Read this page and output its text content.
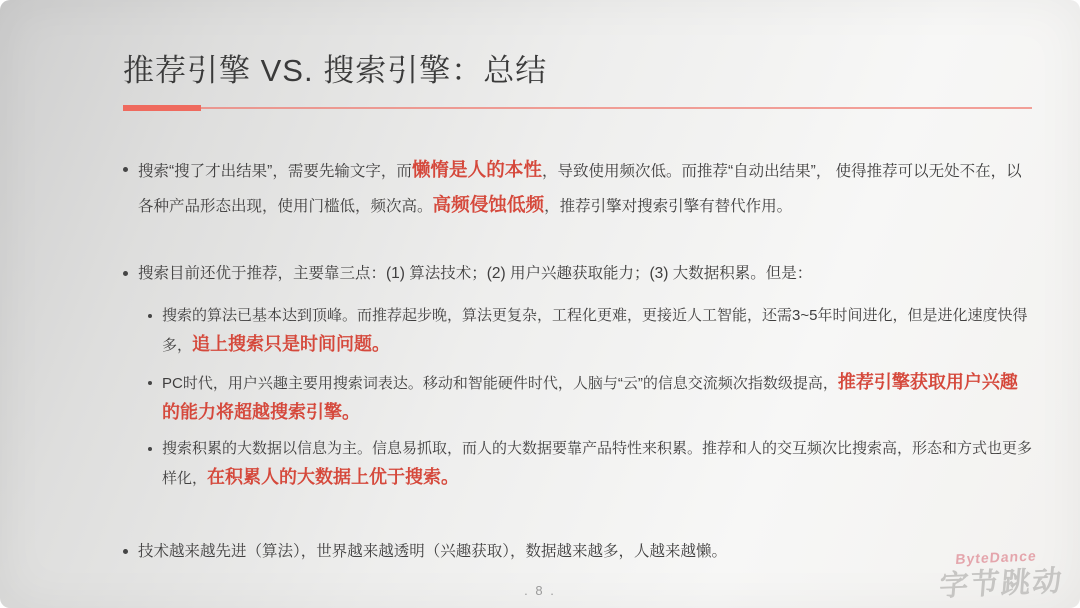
推荐引擎 VS. 搜索引擎：总结
搜索“搜了才出结果”，需要先输文字，而懒惰是人的本性，导致使用频次低。而推荐“自动出结果”， 使得推荐可以无处不在，以各种产品形态出现，使用门槛低，频次高。高频侵蚀低频，推荐引擎对搜索引擎有替代作用。
搜索目前还优于推荐，主要靠三点：(1) 算法技术；(2) 用户兴趣获取能力；(3) 大数据积累。但是：
搜索的算法已基本达到顶峰。而推荐起步晚，算法更复杂，工程化更难，更接近人工智能，还需3~5年时间进化，但是进化速度快得多，追上搜索只是时间问题。
PC时代，用户兴趣主要用搜索词表达。移动和智能硬件时代，人脑与“云”的信息交流频次指数级提高，推荐引擎获取用户兴趣的能力将超越搜索引擎。
搜索积累的大数据以信息为主。信息易抓取，而人的大数据要靠产品特性来积累。推荐和人的交互频次比搜索高，形态和方式也更多样化，在积累人的大数据上优于搜索。
技术越来越先进（算法），世界越来越透明（兴趣获取），数据越来越多，人越来越懒。
. 8 .
ByteDance
字节跳动
